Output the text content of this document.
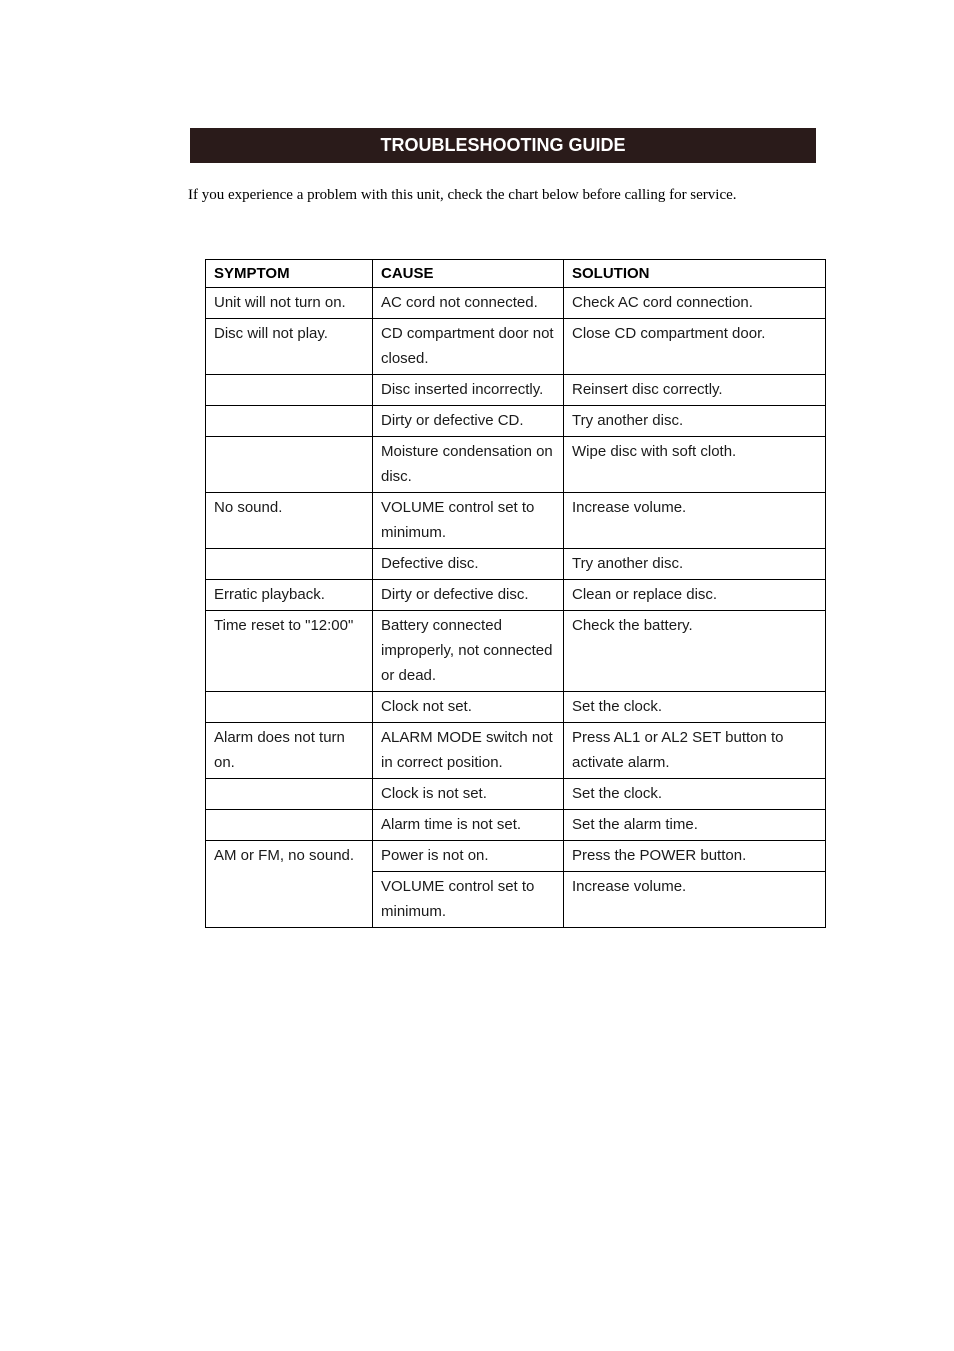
TROUBLESHOOTING GUIDE
If you experience a problem with this unit, check the chart below before calling for service.
SYMPTOM	CAUSE	SOLUTION
Unit will not turn on.	AC cord not connected.	Check AC cord connection.
Disc will not play.	CD compartment door not closed.	Close CD compartment door.
	Disc inserted incorrectly.	Reinsert disc correctly.
	Dirty or defective CD.	Try another disc.
	Moisture condensation on disc.	Wipe disc with soft cloth.
No sound.	VOLUME control set to minimum.	Increase volume.
	Defective disc.	Try another disc.
Erratic playback.	Dirty or defective disc.	Clean or replace disc.
Time reset to "12:00"	Battery connected improperly, not connected or dead.	Check the battery.
	Clock not set.	Set the clock.
Alarm does not turn on.	ALARM MODE switch not in correct position.	Press AL1 or AL2 SET button to activate alarm.
	Clock is not set.	Set the clock.
	Alarm time is not set.	Set the alarm time.
AM or FM, no sound.	Power is not on.	Press the POWER button.
	VOLUME control set to minimum.	Increase volume.
